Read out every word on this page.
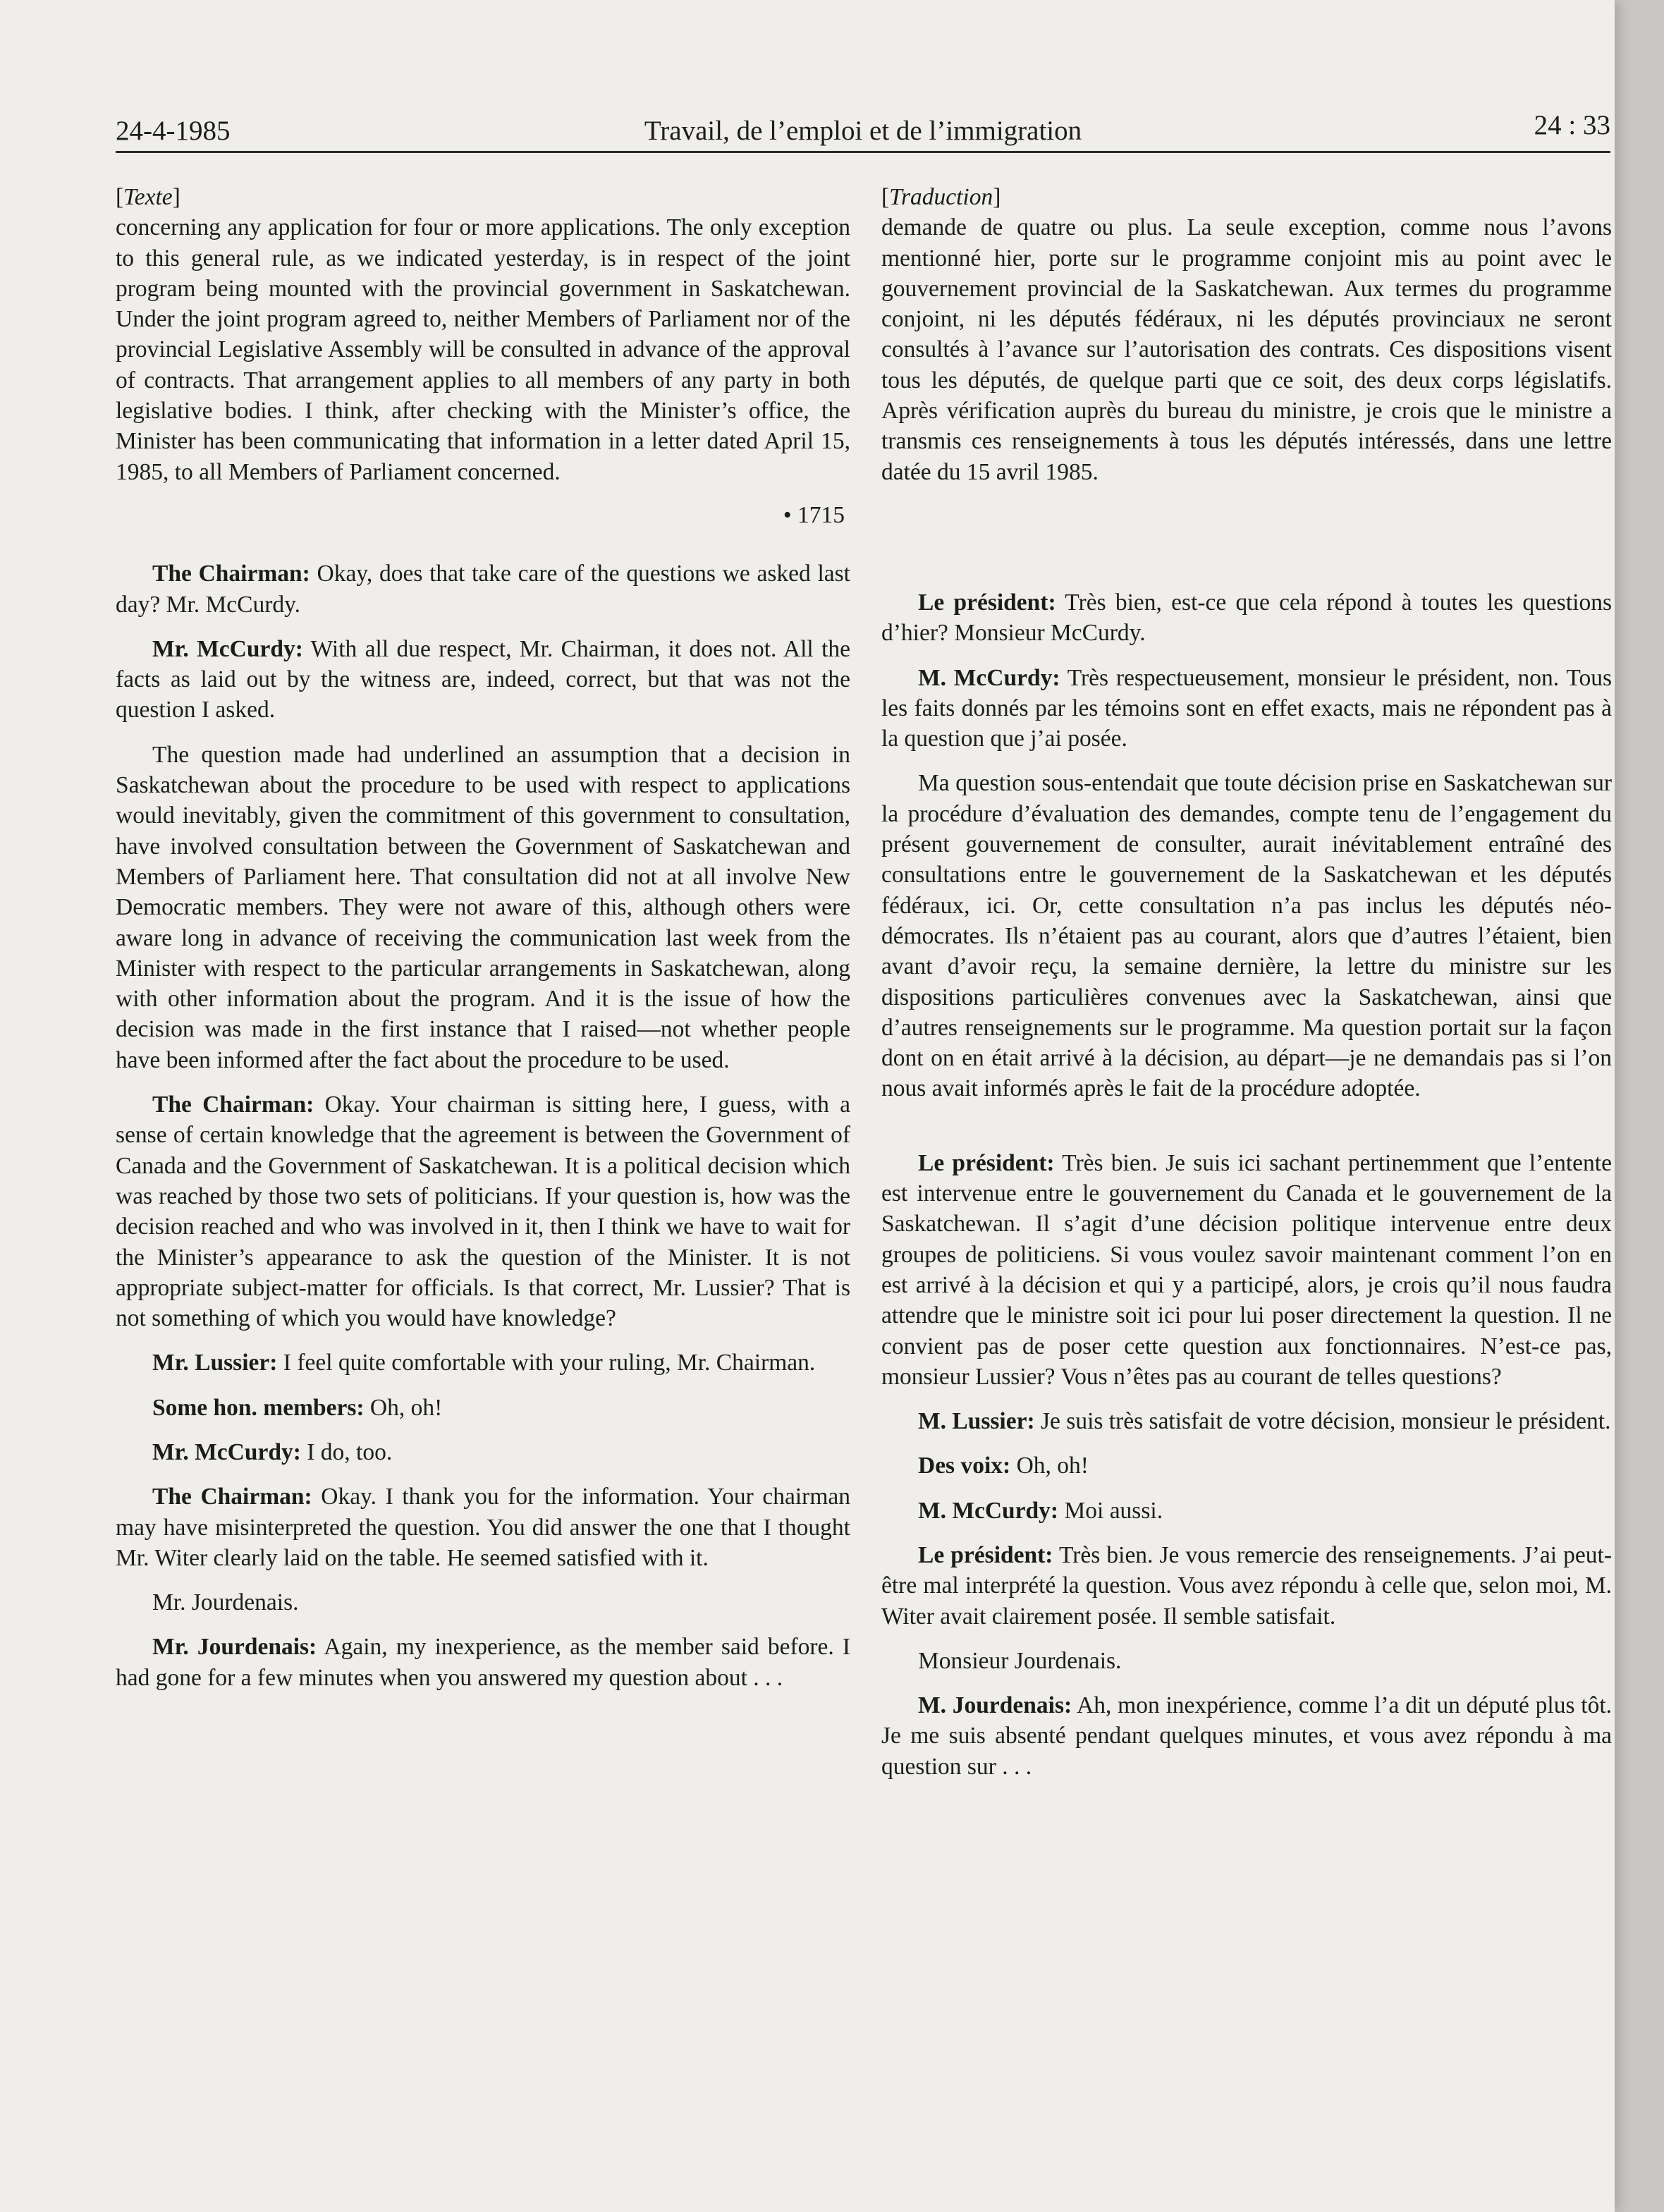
24-4-1985	Travail, de l’emploi et de l’immigration	24 : 33

[Texte]

concerning any application for four or more applications. The only exception to this general rule, as we indicated yesterday, is in respect of the joint program being mounted with the provincial government in Saskatchewan. Under the joint program agreed to, neither Members of Parliament nor of the provincial Legislative Assembly will be consulted in advance of the approval of contracts. That arrangement applies to all members of any party in both legislative bodies. I think, after checking with the Minister’s office, the Minister has been communicating that information in a letter dated April 15, 1985, to all Members of Parliament concerned.

• 1715

The Chairman: Okay, does that take care of the questions we asked last day? Mr. McCurdy.

Mr. McCurdy: With all due respect, Mr. Chairman, it does not. All the facts as laid out by the witness are, indeed, correct, but that was not the question I asked.

The question made had underlined an assumption that a decision in Saskatchewan about the procedure to be used with respect to applications would inevitably, given the commitment of this government to consultation, have involved consultation between the Government of Saskatchewan and Members of Parliament here. That consultation did not at all involve New Democratic members. They were not aware of this, although others were aware long in advance of receiving the communication last week from the Minister with respect to the particular arrangements in Saskatchewan, along with other information about the program. And it is the issue of how the decision was made in the first instance that I raised—not whether people have been informed after the fact about the procedure to be used.

The Chairman: Okay. Your chairman is sitting here, I guess, with a sense of certain knowledge that the agreement is between the Government of Canada and the Government of Saskatchewan. It is a political decision which was reached by those two sets of politicians. If your question is, how was the decision reached and who was involved in it, then I think we have to wait for the Minister’s appearance to ask the question of the Minister. It is not appropriate subject-matter for officials. Is that correct, Mr. Lussier? That is not something of which you would have knowledge?

Mr. Lussier: I feel quite comfortable with your ruling, Mr. Chairman.

Some hon. members: Oh, oh!

Mr. McCurdy: I do, too.

The Chairman: Okay. I thank you for the information. Your chairman may have misinterpreted the question. You did answer the one that I thought Mr. Witer clearly laid on the table. He seemed satisfied with it.

Mr. Jourdenais.

Mr. Jourdenais: Again, my inexperience, as the member said before. I had gone for a few minutes when you answered my question about . . .

[Traduction]

demande de quatre ou plus. La seule exception, comme nous l’avons mentionné hier, porte sur le programme conjoint mis au point avec le gouvernement provincial de la Saskatchewan. Aux termes du programme conjoint, ni les députés fédéraux, ni les députés provinciaux ne seront consultés à l’avance sur l’autorisation des contrats. Ces dispositions visent tous les députés, de quelque parti que ce soit, des deux corps législatifs. Après vérification auprès du bureau du ministre, je crois que le ministre a transmis ces renseignements à tous les députés intéressés, dans une lettre datée du 15 avril 1985.

Le président: Très bien, est-ce que cela répond à toutes les questions d’hier? Monsieur McCurdy.

M. McCurdy: Très respectueusement, monsieur le président, non. Tous les faits donnés par les témoins sont en effet exacts, mais ne répondent pas à la question que j’ai posée.

Ma question sous-entendait que toute décision prise en Saskatchewan sur la procédure d’évaluation des demandes, compte tenu de l’engagement du présent gouvernement de consulter, aurait inévitablement entraîné des consultations entre le gouvernement de la Saskatchewan et les députés fédéraux, ici. Or, cette consultation n’a pas inclus les députés néo-démocrates. Ils n’étaient pas au courant, alors que d’autres l’étaient, bien avant d’avoir reçu, la semaine dernière, la lettre du ministre sur les dispositions particulières convenues avec la Saskatchewan, ainsi que d’autres renseignements sur le programme. Ma question portait sur la façon dont on en était arrivé à la décision, au départ—je ne demandais pas si l’on nous avait informés après le fait de la procédure adoptée.

Le président: Très bien. Je suis ici sachant pertinemment que l’entente est intervenue entre le gouvernement du Canada et le gouvernement de la Saskatchewan. Il s’agit d’une décision politique intervenue entre deux groupes de politiciens. Si vous voulez savoir maintenant comment l’on en est arrivé à la décision et qui y a participé, alors, je crois qu’il nous faudra attendre que le ministre soit ici pour lui poser directement la question. Il ne convient pas de poser cette question aux fonctionnaires. N’est-ce pas, monsieur Lussier? Vous n’êtes pas au courant de telles questions?

M. Lussier: Je suis très satisfait de votre décision, monsieur le président.

Des voix: Oh, oh!

M. McCurdy: Moi aussi.

Le président: Très bien. Je vous remercie des renseignements. J’ai peut-être mal interprété la question. Vous avez répondu à celle que, selon moi, M. Witer avait clairement posée. Il semble satisfait.

Monsieur Jourdenais.

M. Jourdenais: Ah, mon inexpérience, comme l’a dit un député plus tôt. Je me suis absenté pendant quelques minutes, et vous avez répondu à ma question sur . . .
